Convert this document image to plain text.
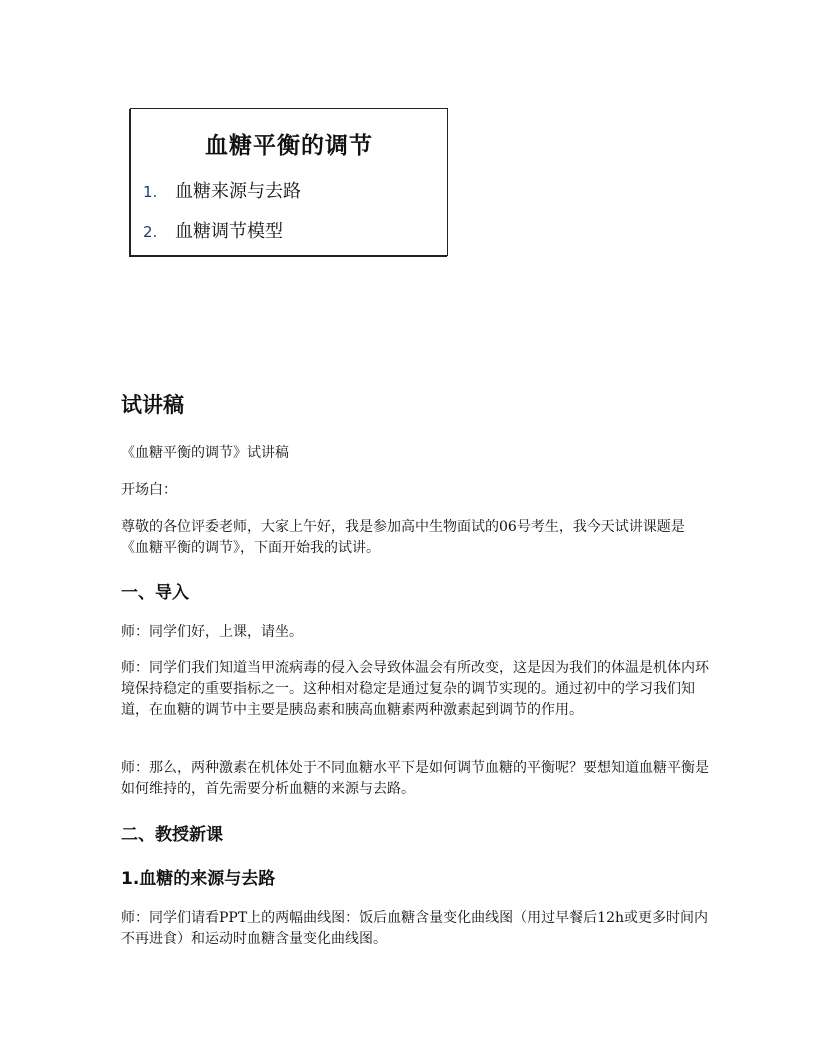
血糖平衡的调节
1. 血糖来源与去路
2. 血糖调节模型
试讲稿
《血糖平衡的调节》试讲稿
开场白：
尊敬的各位评委老师，大家上午好，我是参加高中生物面试的06号考生，我今天试讲课题是《血糖平衡的调节》，下面开始我的试讲。
一、导入
师：同学们好，上课，请坐。
师：同学们我们知道当甲流病毒的侵入会导致体温会有所改变，这是因为我们的体温是机体内环境保持稳定的重要指标之一。这种相对稳定是通过复杂的调节实现的。通过初中的学习我们知道，在血糖的调节中主要是胰岛素和胰高血糖素两种激素起到调节的作用。
师：那么，两种激素在机体处于不同血糖水平下是如何调节血糖的平衡呢？要想知道血糖平衡是如何维持的，首先需要分析血糖的来源与去路。
二、教授新课
1.血糖的来源与去路
师：同学们请看PPT上的两幅曲线图：饭后血糖含量变化曲线图（用过早餐后12h或更多时间内不再进食）和运动时血糖含量变化曲线图。
